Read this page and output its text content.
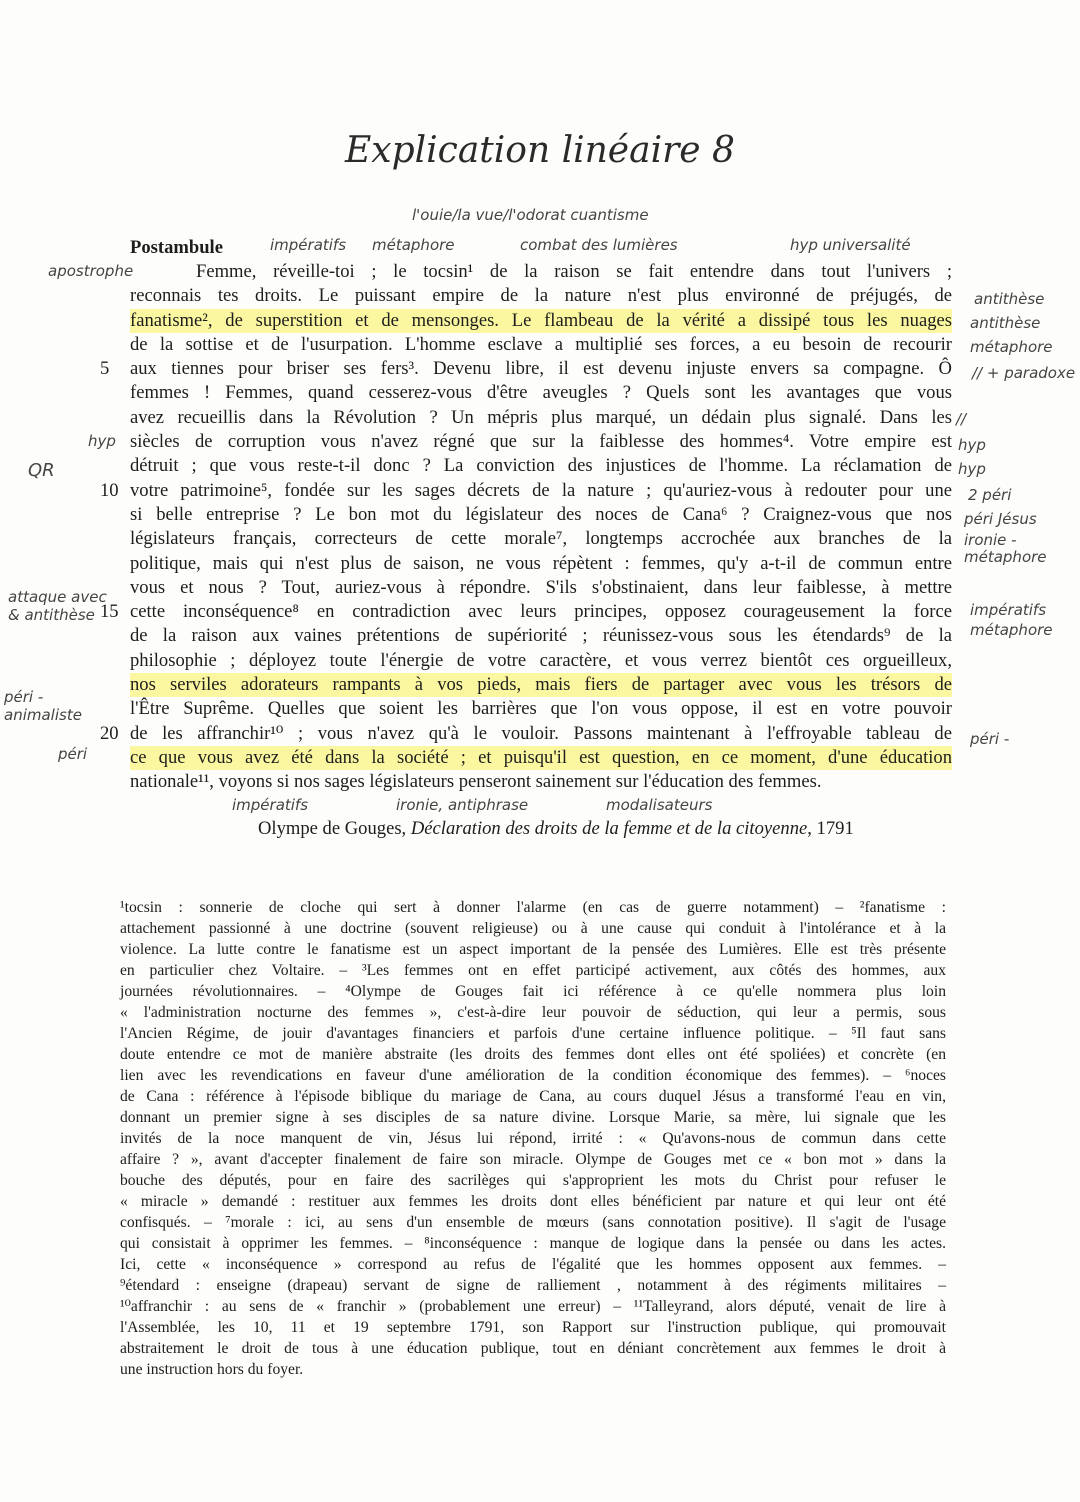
Explication linéaire 8
l'ouie/la vue/l'odorat cuantisme
impératifs métaphore	combat des lumières	hyp universalité
apostrophe
hyp
QR
attaque avec & antithèse
péri - animaliste
péri
antithèse
antithèse
métaphore
// + paradoxe
//
hyp
hyp
2 péri
péri Jésus
ironie - métaphore
impératifs métaphore
péri -
impératifs	ironie, antiphrase	modalisateurs
Postambule
Femme, réveille-toi ; le tocsin¹ de la raison se fait entendre dans tout l'univers ;
reconnais tes droits. Le puissant empire de la nature n'est plus environné de préjugés, de
fanatisme², de superstition et de mensonges. Le flambeau de la vérité a dissipé tous les nuages
de la sottise et de l'usurpation. L'homme esclave a multiplié ses forces, a eu besoin de recourir
5 aux tiennes pour briser ses fers³. Devenu libre, il est devenu injuste envers sa compagne. Ô
femmes ! Femmes, quand cesserez-vous d'être aveugles ? Quels sont les avantages que vous
avez recueillis dans la Révolution ? Un mépris plus marqué, un dédain plus signalé. Dans les
siècles de corruption vous n'avez régné que sur la faiblesse des hommes⁴. Votre empire est
détruit ; que vous reste-t-il donc ? La conviction des injustices de l'homme. La réclamation de
10 votre patrimoine⁵, fondée sur les sages décrets de la nature ; qu'auriez-vous à redouter pour une
si belle entreprise ? Le bon mot du législateur des noces de Cana⁶ ? Craignez-vous que nos
législateurs français, correcteurs de cette morale⁷, longtemps accrochée aux branches de la
politique, mais qui n'est plus de saison, ne vous répètent : femmes, qu'y a-t-il de commun entre
vous et nous ? Tout, auriez-vous à répondre. S'ils s'obstinaient, dans leur faiblesse, à mettre
15 cette inconséquence⁸ en contradiction avec leurs principes, opposez courageusement la force
de la raison aux vaines prétentions de supériorité ; réunissez-vous sous les étendards⁹ de la
philosophie ; déployez toute l'énergie de votre caractère, et vous verrez bientôt ces orgueilleux,
nos serviles adorateurs rampants à vos pieds, mais fiers de partager avec vous les trésors de
l'Être Suprême. Quelles que soient les barrières que l'on vous oppose, il est en votre pouvoir
20 de les affranchir¹⁰ ; vous n'avez qu'à le vouloir. Passons maintenant à l'effroyable tableau de
ce que vous avez été dans la société ; et puisqu'il est question, en ce moment, d'une éducation
nationale¹¹, voyons si nos sages législateurs penseront sainement sur l'éducation des femmes.
Olympe de Gouges, Déclaration des droits de la femme et de la citoyenne, 1791
¹tocsin : sonnerie de cloche qui sert à donner l'alarme (en cas de guerre notamment) – ²fanatisme :
attachement passionné à une doctrine (souvent religieuse) ou à une cause qui conduit à l'intolérance et à la
violence. La lutte contre le fanatisme est un aspect important de la pensée des Lumières. Elle est très présente
en particulier chez Voltaire. – ³Les femmes ont en effet participé activement, aux côtés des hommes, aux
journées révolutionnaires. – ⁴Olympe de Gouges fait ici référence à ce qu'elle nommera plus loin
« l'administration nocturne des femmes », c'est-à-dire leur pouvoir de séduction, qui leur a permis, sous
l'Ancien Régime, de jouir d'avantages financiers et parfois d'une certaine influence politique. – ⁵Il faut sans
doute entendre ce mot de manière abstraite (les droits des femmes dont elles ont été spoliées) et concrète (en
lien avec les revendications en faveur d'une amélioration de la condition économique des femmes). – ⁶noces
de Cana : référence à l'épisode biblique du mariage de Cana, au cours duquel Jésus a transformé l'eau en vin,
donnant un premier signe à ses disciples de sa nature divine. Lorsque Marie, sa mère, lui signale que les
invités de la noce manquent de vin, Jésus lui répond, irrité : « Qu'avons-nous de commun dans cette
affaire ? », avant d'accepter finalement de faire son miracle. Olympe de Gouges met ce « bon mot » dans la
bouche des députés, pour en faire des sacrilèges qui s'approprient les mots du Christ pour refuser le
« miracle » demandé : restituer aux femmes les droits dont elles bénéficient par nature et qui leur ont été
confisqués. – ⁷morale : ici, au sens d'un ensemble de mœurs (sans connotation positive). Il s'agit de l'usage
qui consistait à opprimer les femmes. – ⁸inconséquence : manque de logique dans la pensée ou dans les actes.
Ici, cette « inconséquence » correspond au refus de l'égalité que les hommes opposent aux femmes. –
⁹étendard : enseigne (drapeau) servant de signe de ralliement , notamment à des régiments militaires –
¹⁰affranchir : au sens de « franchir » (probablement une erreur) – ¹¹Talleyrand, alors député, venait de lire à
l'Assemblée, les 10, 11 et 19 septembre 1791, son Rapport sur l'instruction publique, qui promouvait
abstraitement le droit de tous à une éducation publique, tout en déniant concrètement aux femmes le droit à
une instruction hors du foyer.
